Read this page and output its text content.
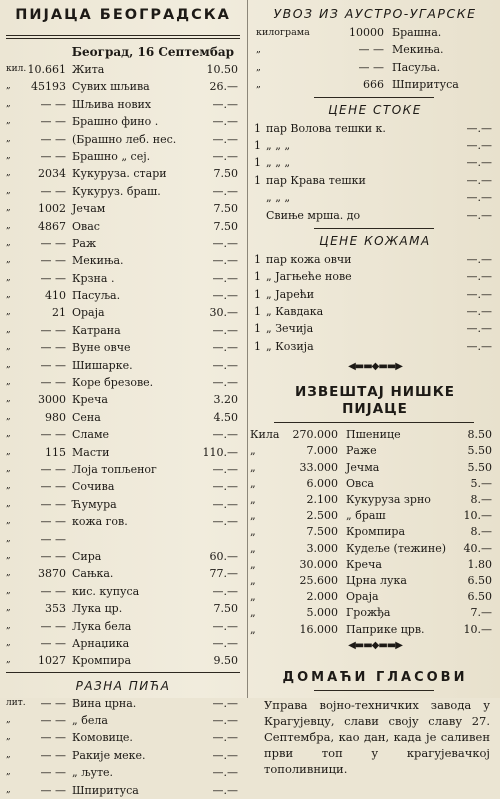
ПИЈАЦА БЕОГРАДСКА
Београд, 16 Септембар
кил. 10.661 Жита	10.50
„ 45193 Сувих шљива	26.—
„	— — Шљива нових	—.—
„	— — Брашно фино .	—.—
„	— — (Брашно леб. нес.	—.—
„	— — Брашно „ сеј.	—.—
„ 2034 Кукуруза. стари	7.50
„	— — Кукуруз. браш.	—.—
„ 1002 Јечам	7.50
„ 4867 Овас	7.50
„	— — Раж	—.—
„	— — Мекиња.	—.—
„	— — Крзна .	—.—
„	410 Пасуља.	—.—
„	21 Ораја	30.—
„	— — Катрана	—.—
„	— — Вуне овче	—.—
„	— — Шишарке.	—.—
„	— — Коре брезове.	—.—
„ 3000 Креча	3.20
„	980 Сена	4.50
„	— — Сламе	—.—
„	115 Масти	110.—
„	— — Лоја топљеног	—.—
„	— — Сочива	—.—
„	— — Ћумура	—.—
„	— — кожа гов.	—.—
„	— —
„	— — Сира	60.—
„ 3870 Сањка.	77.—
„	— — кис. купуса	—.—
„	353 Лука цр.	7.50
„	— — Лука бела	—.—
„	— — Арнаџика	—.—
„ 1027 Кромпира	9.50
РАЗНА ПИЋА
лит. — — Вина црна.	—.—
„	— — „ бела	—.—
„	— — Комовице.	—.—
„	— — Ракије меке.	—.—
„	— — „ љуте.	—.—
„	— — Шпиритуса	—.—
УВОЗ ИЗ АУСТРО-УГАРСКЕ
килограма	10000 Брашна.
„	— — Мекиња.
„	— — Пасуља.
„	666 Шпиритуса
ЦЕНЕ СТОКЕ
1 пар Волова тешки к.	—.—
1 „ „ „	—.—
1 „ „ „	—.—
1 пар Крава тешки	—.—
„ „ „	—.—
Свиње мрша. до	—.—
ЦЕНЕ КОЖАМА
1 пар кожа овчи	—.—
1 „ Јагњеће нове	—.—
1 „ Јарећи	—.—
1 „ Кавдака	—.—
1 „ Зечија	—.—
1 „ Козија	—.—
◀▬▬◆▬▬▶
ИЗВЕШТАЈ НИШКЕ
ПИЈАЦЕ
Кила	270.000 Пшенице	8.50
„	7.000 Раже	5.50
„	33.000 Јечма	5.50
„	6.000 Овса	5.—
„	2.100 Кукуруза зрно	8.—
„	2.500 „ браш	10.—
„	7.500 Кромпира	8.—
„	3.000 Кудеље (тежине) 40.—
„	30.000 Креча	1.80
„	25.600 Црна лука	6.50
„	2.000 Ораја	6.50
„	5.000 Грожђа	7.—
„	16.000 Паприке црв.	10.—
◀▬▬◆▬▬▶
ДОМАЋИ ГЛАСОВИ
Управа војно-техничких завода у Крагујевцу, слави своју славу 27. Септембра, као дан, када је саливен први топ у крагујевачкој тополивници.
